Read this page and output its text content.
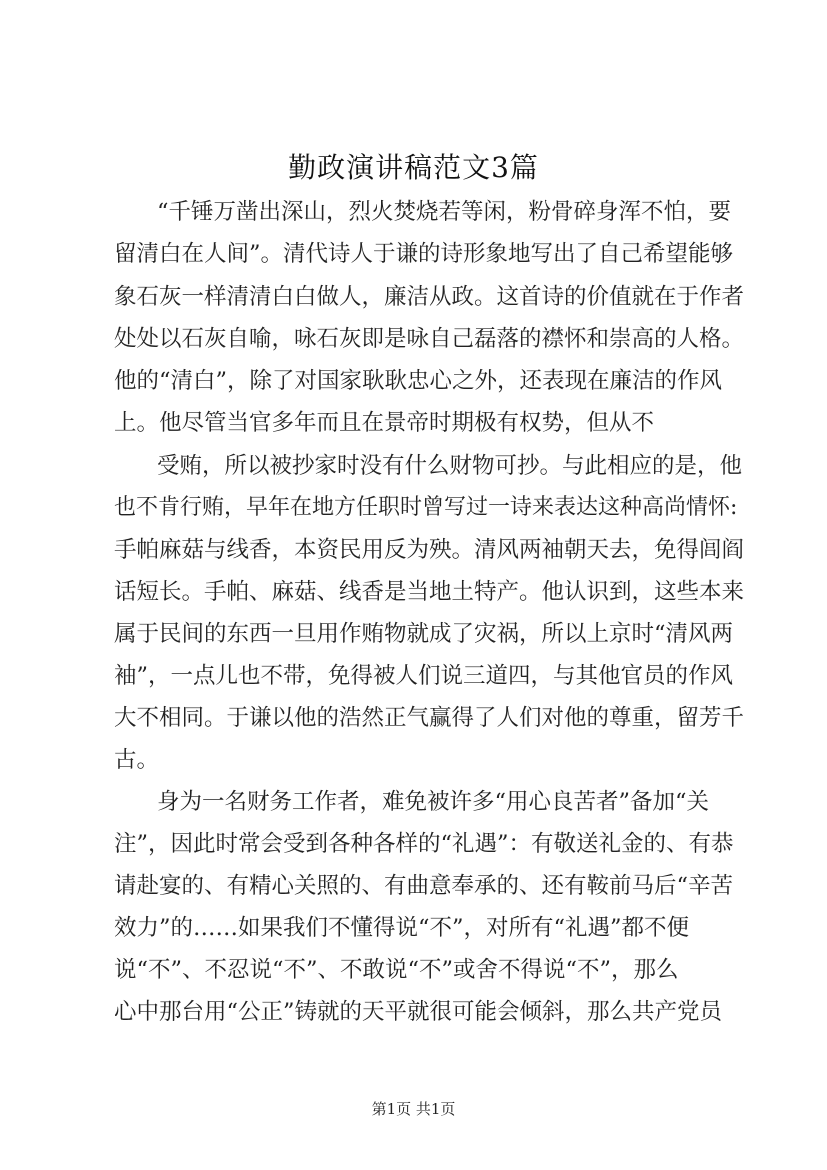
勤政演讲稿范文3篇
“千锤万凿出深山，烈火焚烧若等闲，粉骨碎身浑不怕，要
留清白在人间”。清代诗人于谦的诗形象地写出了自己希望能够
象石灰一样清清白白做人，廉洁从政。这首诗的价值就在于作者
处处以石灰自喻，咏石灰即是咏自己磊落的襟怀和崇高的人格。
他的“清白”，除了对国家耿耿忠心之外，还表现在廉洁的作风
上。他尽管当官多年而且在景帝时期极有权势，但从不
受贿，所以被抄家时没有什么财物可抄。与此相应的是，他
也不肯行贿，早年在地方任职时曾写过一诗来表达这种高尚情怀:
手帕麻菇与线香，本资民用反为殃。清风两袖朝天去，免得闾阎
话短长。手帕、麻菇、线香是当地土特产。他认识到，这些本来
属于民间的东西一旦用作贿物就成了灾祸，所以上京时“清风两
袖”，一点儿也不带，免得被人们说三道四，与其他官员的作风
大不相同。于谦以他的浩然正气赢得了人们对他的尊重，留芳千
古。
身为一名财务工作者，难免被许多“用心良苦者”备加“关
注”，因此时常会受到各种各样的“礼遇”：有敬送礼金的、有恭
请赴宴的、有精心关照的、有曲意奉承的、还有鞍前马后“辛苦
效力”的……如果我们不懂得说“不”，对所有“礼遇”都不便
说“不”、不忍说“不”、不敢说“不”或舍不得说“不”，那么
心中那台用“公正”铸就的天平就很可能会倾斜，那么共产党员
第1页 共1页
